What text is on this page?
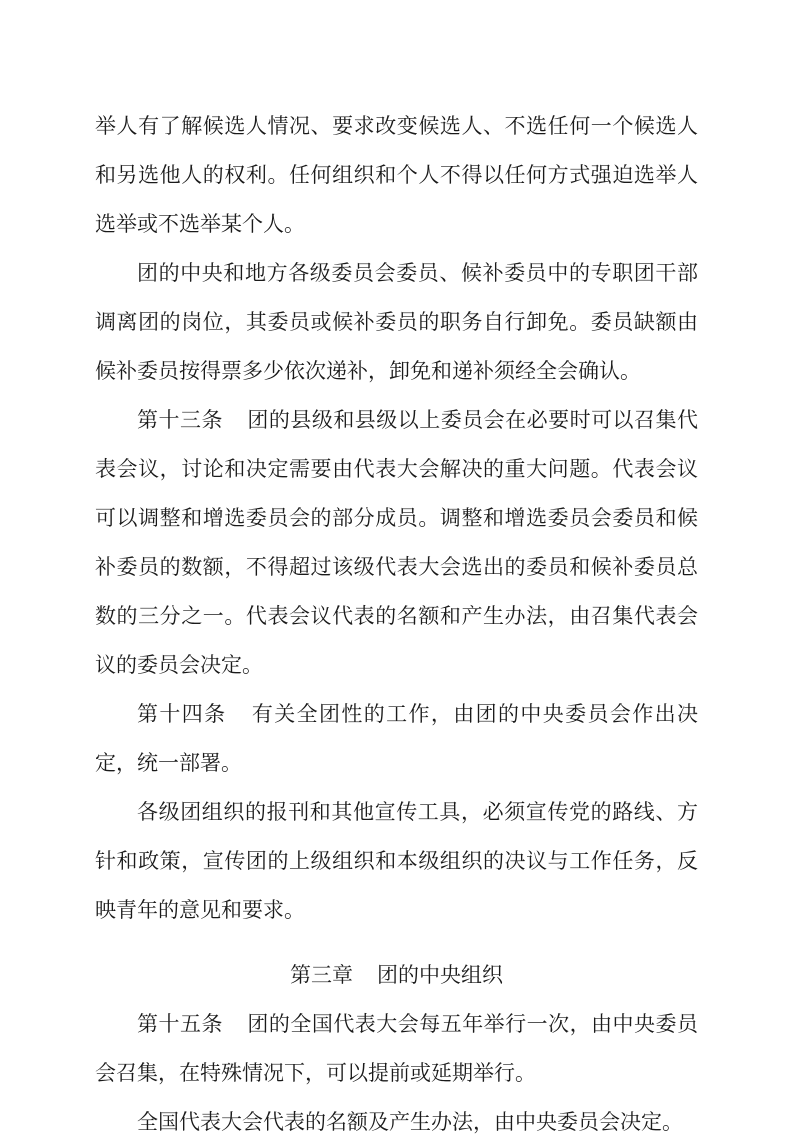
举人有了解候选人情况、要求改变候选人、不选任何一个候选人和另选他人的权利。任何组织和个人不得以任何方式强迫选举人选举或不选举某个人。

团的中央和地方各级委员会委员、候补委员中的专职团干部调离团的岗位，其委员或候补委员的职务自行卸免。委员缺额由候补委员按得票多少依次递补，卸免和递补须经全会确认。

第十三条 团的县级和县级以上委员会在必要时可以召集代表会议，讨论和决定需要由代表大会解决的重大问题。代表会议可以调整和增选委员会的部分成员。调整和增选委员会委员和候补委员的数额，不得超过该级代表大会选出的委员和候补委员总数的三分之一。代表会议代表的名额和产生办法，由召集代表会议的委员会决定。

第十四条 有关全团性的工作，由团的中央委员会作出决定，统一部署。

各级团组织的报刊和其他宣传工具，必须宣传党的路线、方针和政策，宣传团的上级组织和本级组织的决议与工作任务，反映青年的意见和要求。

第三章 团的中央组织

第十五条 团的全国代表大会每五年举行一次，由中央委员会召集，在特殊情况下，可以提前或延期举行。

全国代表大会代表的名额及产生办法，由中央委员会决定。
